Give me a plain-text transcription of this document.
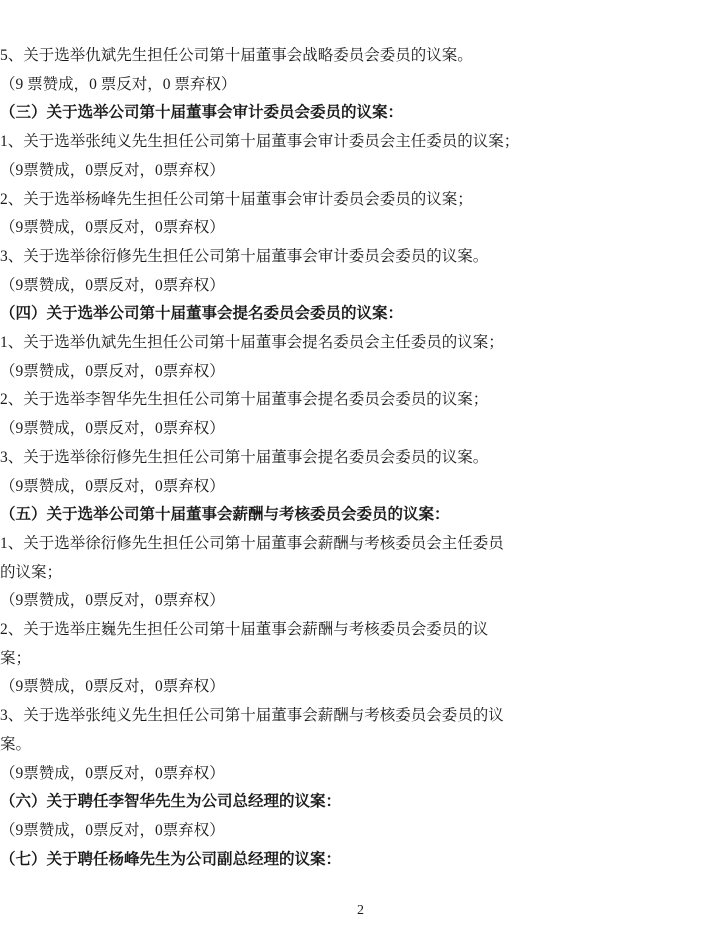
5、关于选举仇斌先生担任公司第十届董事会战略委员会委员的议案。

（9 票赞成，0 票反对，0 票弃权）

（三）关于选举公司第十届董事会审计委员会委员的议案：

1、关于选举张纯义先生担任公司第十届董事会审计委员会主任委员的议案；

（9票赞成，0票反对，0票弃权）

2、关于选举杨峰先生担任公司第十届董事会审计委员会委员的议案；

（9票赞成，0票反对，0票弃权）

3、关于选举徐衍修先生担任公司第十届董事会审计委员会委员的议案。

（9票赞成，0票反对，0票弃权）

（四）关于选举公司第十届董事会提名委员会委员的议案：

1、关于选举仇斌先生担任公司第十届董事会提名委员会主任委员的议案；

（9票赞成，0票反对，0票弃权）

2、关于选举李智华先生担任公司第十届董事会提名委员会委员的议案；

（9票赞成，0票反对，0票弃权）

3、关于选举徐衍修先生担任公司第十届董事会提名委员会委员的议案。

（9票赞成，0票反对，0票弃权）

（五）关于选举公司第十届董事会薪酬与考核委员会委员的议案：

1、关于选举徐衍修先生担任公司第十届董事会薪酬与考核委员会主任委员

的议案；

（9票赞成，0票反对，0票弃权）

2、关于选举庄巍先生担任公司第十届董事会薪酬与考核委员会委员的议

案；

（9票赞成，0票反对，0票弃权）

3、关于选举张纯义先生担任公司第十届董事会薪酬与考核委员会委员的议

案。

（9票赞成，0票反对，0票弃权）

（六）关于聘任李智华先生为公司总经理的议案：

（9票赞成，0票反对，0票弃权）

（七）关于聘任杨峰先生为公司副总经理的议案：

2
